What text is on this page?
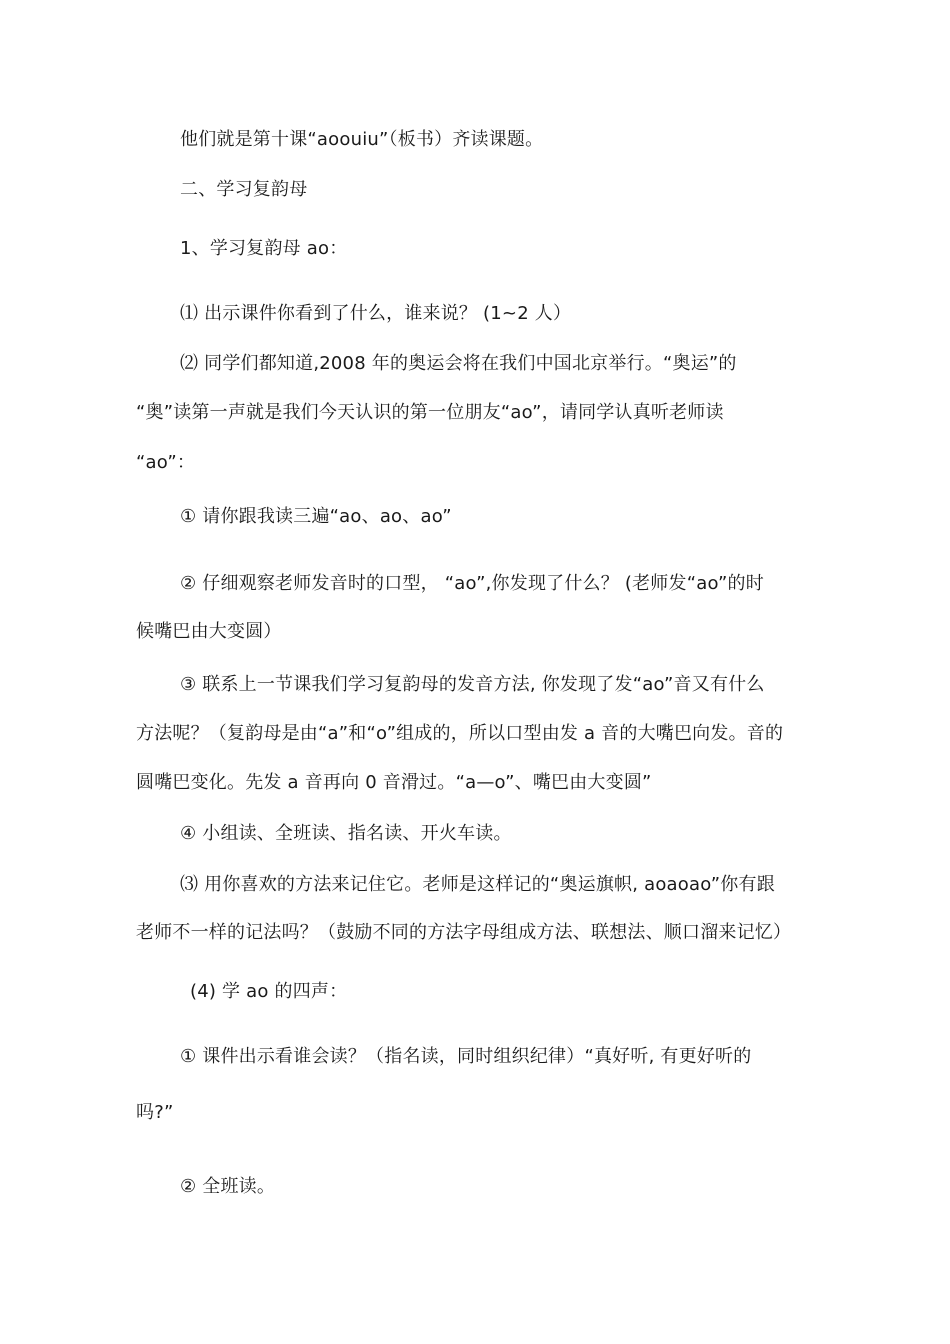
他们就是第十课“aoouiu”（板书）齐读课题。
二、学习复韵母
1、学习复韵母 ao：
⑴ 出示课件你看到了什么，谁来说？ (1~2 人）
⑵ 同学们都知道,2008 年的奥运会将在我们中国北京举行。“奥运”的
“奥”读第一声就是我们今天认识的第一位朋友“ao”，请同学认真听老师读
“ao”：
① 请你跟我读三遍“ao、ao、ao”
② 仔细观察老师发音时的口型， “ao”,你发现了什么？ (老师发“ao”的时
候嘴巴由大变圆）
③ 联系上一节课我们学习复韵母的发音方法, 你发现了发“ao”音又有什么
方法呢？（复韵母是由“a”和“o”组成的，所以口型由发 a 音的大嘴巴向发。音的
圆嘴巴变化。先发 a 音再向 0 音滑过。“a—o”、嘴巴由大变圆”
④ 小组读、全班读、指名读、开火车读。
⑶ 用你喜欢的方法来记住它。老师是这样记的“奥运旗帜, aoaoao”你有跟
老师不一样的记法吗？（鼓励不同的方法字母组成方法、联想法、顺口溜来记忆）
(4) 学 ao 的四声：
① 课件出示看谁会读？（指名读，同时组织纪律）“真好听, 有更好听的
吗?”
② 全班读。
